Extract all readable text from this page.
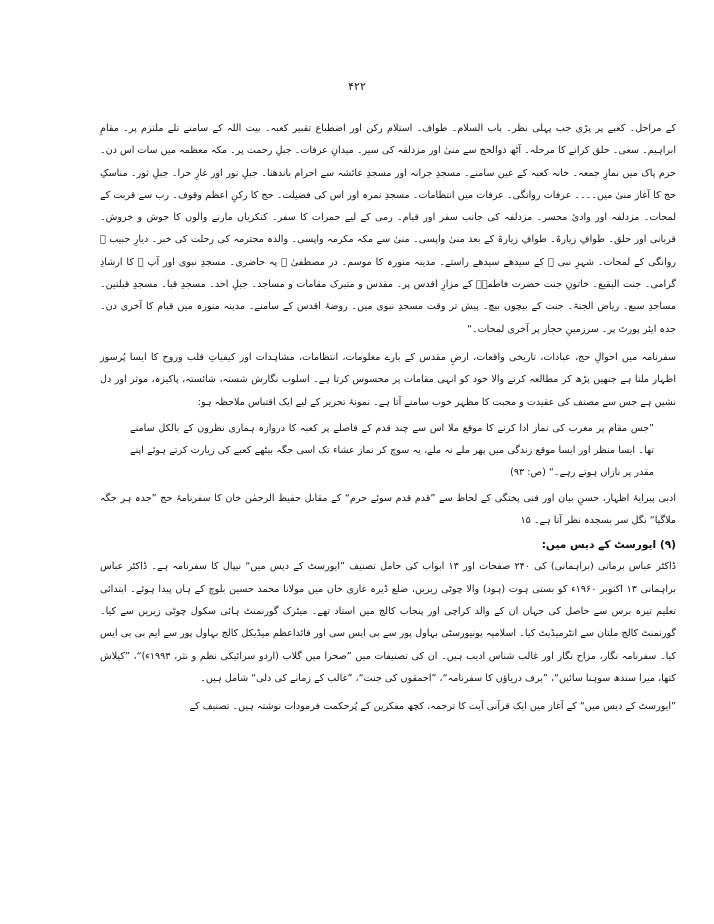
۴۲۲

کے مراحل۔ کعبے پر پڑی جب پہلی نظر۔ باب السلام۔ طواف۔ استلام رکن اور اضطباع تقبیر کعبہ۔ بیت اللہ کے سامنے تلے ملتزم پر۔ مقامِ ابراہیم۔ سعی۔ حلق کرانے کا مرحلہ۔ آٹھ ذوالحج سے منیٰ اور مزدلفہ کی سیر۔ میدانِ عرفات۔ جبلِ رحمت پر۔ مکہ معظمہ میں سات اس دن۔ حرم پاک میں نمازِ جمعہ۔ خانہ کعبہ کے عین سامنے۔ مسجدِ جرانہ اور مسجدِ عائشہ سے احرام باندھنا۔ جبلِ نور اور غارِ حرا۔ جبلِ ثور۔ مناسکِ حج کا آغاز منیٰ میں۔۔۔۔ عرفات روانگی۔ عرفات میں انتظامات۔ مسجدِ نمرہ اور اس کی فضیلت۔ حج کا رکنِ اعظم وقوف۔ رب سے قربت کے لمحات۔ مزدلفہ اور وادیٔ محسر۔ مزدلفہ کی جانب سفر اور قیام۔ رمی کے لیے جمرات کا سفر۔ کنکریاں مارنے والوں کا جوش و خروش۔ قربانی اور حلق۔ طوافِ زیارۃ۔ طوافِ زیارۃ کے بعد منیٰ واپسی۔ منیٰ سے مکہ مکرمہ واپسی۔ والدہ محترمہ کی رحلت کی خبر۔ دیارِ حبیب ﷺ روانگی کے لمحات۔ شہرِ نبی ﷺ کے سیدھے سیدھے راستے۔ مدینہ منورہ کا موسم۔ در مصطفیٰ ﷺ پہ حاضری۔ مسجدِ نبوی اور آپ ﷺ کا ارشادِ گرامی۔ جنت البقیع۔ خاتونِ جنت حضرت فاطمہؓ کے مزارِ اقدس پر۔ مقدس و متبرک مقامات و مساجد۔ جبلِ احد۔ مسجدِ قبا۔ مسجدِ قبلتین۔ مساجدِ سبع۔ ریاض الجنۃ۔ جنت کے بیچوں بیچ۔ پیش تر وقت مسجدِ نبوی میں۔ روضۂ اقدس کے سامنے۔ مدینہ منورہ میں قیام کا آخری دن۔ جدہ ایئر پورٹ پر۔ سرزمینِ حجاز پر آخری لمحات۔“

سفرنامہ میں احوالِ حج، عبادات، تاریخی واقعات، ارضِ مقدس کے بارے معلومات، انتظامات، مشاہدات اور کیفیاتِ قلب وروح کا ایسا پُرسوز اظہار ملتا ہے جنھیں پڑھ کر مطالعہ کرنے والا خود کو انہی مقامات پر محسوس کرتا ہے۔ اسلوب نگارش شستہ، شائستہ، پاکیزہ، موثر اور دل نشیں ہے جس سے مصنف کی عقیدت و محبت کا مظہر خوب سامنے آتا ہے۔ نمونۂ تحریر کے لیے ایک اقتباس ملاحظہ ہو:

”جس مقام پر مغرب کی نماز ادا کرنے کا موقع ملا اس سے چند قدم کے فاصلے پر کعبہ کا دروازہ ہماری نظروں کے بالکل سامنے تھا۔ ایسا منظر اور ایسا موقع زندگی میں پھر ملے نہ ملے، یہ سوچ کر نماز عشاء تک اسی جگہ بیٹھے کعبے کی زیارت کرتے ہوئے اپنے مقدر پر نازاں ہوتے رہے۔“ (ص: ۹۳)

ادبی پیرایۂ اظہار، حسنِ بیان اور فنی پختگی کے لحاظ سے ”قدم قدم سوئے حرم“ کے مقابل حفیظ الرحمٰن خان کا سفرنامۂ حج ”جدہ ہر جگہ ملاگیا“ نگل سر بسجدہ نظر آتا ہے۔ ۱۵

(۹) ایورسٹ کے دیس میں:

ڈاکٹر عباس برمانی (براہمانی) کی ۲۴۰ صفحات اور ۱۳ ابواب کی حامل تصنیف ”ایورسٹ کے دیس میں“ نیپال کا سفرنامہ ہے۔ ڈاکٹر عباس براہمانی ۱۳ اکتوبر ۱۹۶۰ء کو بستی ہوت (ہود) والا چوٹی زیریں، ضلع ڈیرہ غازی خان میں مولانا محمد حسین بلوچ کے ہاں پیدا ہوئے۔ ابتدائی تعلیم تیرہ برس سے حاصل کی جہاں ان کے والد کراچی اور پنجاب کالج میں استاد تھے۔ میٹرک گورنمنٹ ہائی سکول چوٹی زیریں سے کیا۔ گورنمنٹ کالج ملتان سے انٹرمیڈیٹ کیا۔ اسلامیہ یونیورسٹی بہاول پور سے بی ایس سی اور قائداعظم میڈیکل کالج بہاول پور سے ایم بی بی ایس کیا۔ سفرنامہ نگار، مزاح نگار اور غالب شناس ادیب ہیں۔ ان کی تصنیفات میں ”صحرا میں گلاب (اردو سرائیکی نظم و نثر، ۱۹۹۳ء)“، ”کیلاش کتھا، میرا سندھ سوہنا سائیں“، ”برف دریاؤں کا سفرنامہ“، ”احمقوں کی جنت“، ”غالب کے زمانے کی دلی“ شامل ہیں۔

”ایورسٹ کے دیس میں“ کے آغاز میں ایک قرآنی آیت کا ترجمہ، کچھ مفکرین کے پُرحکمت فرمودات نوشتہ ہیں۔ تصنیف کے
